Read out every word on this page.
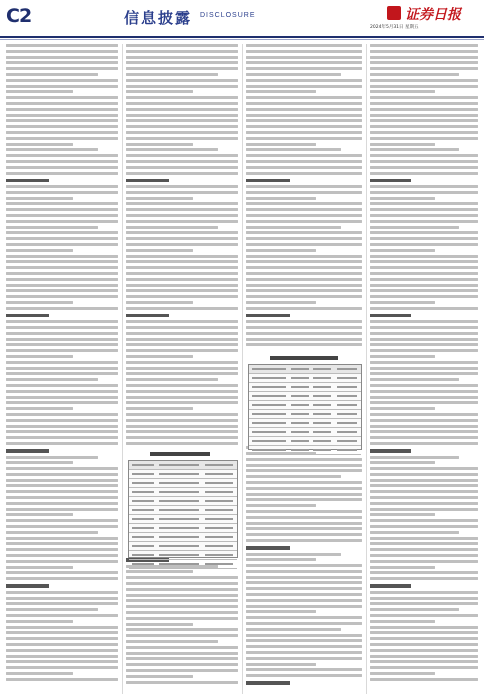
C2	信息披露 DISCLOSURE	证券日报
2024年5月31日 星期五
